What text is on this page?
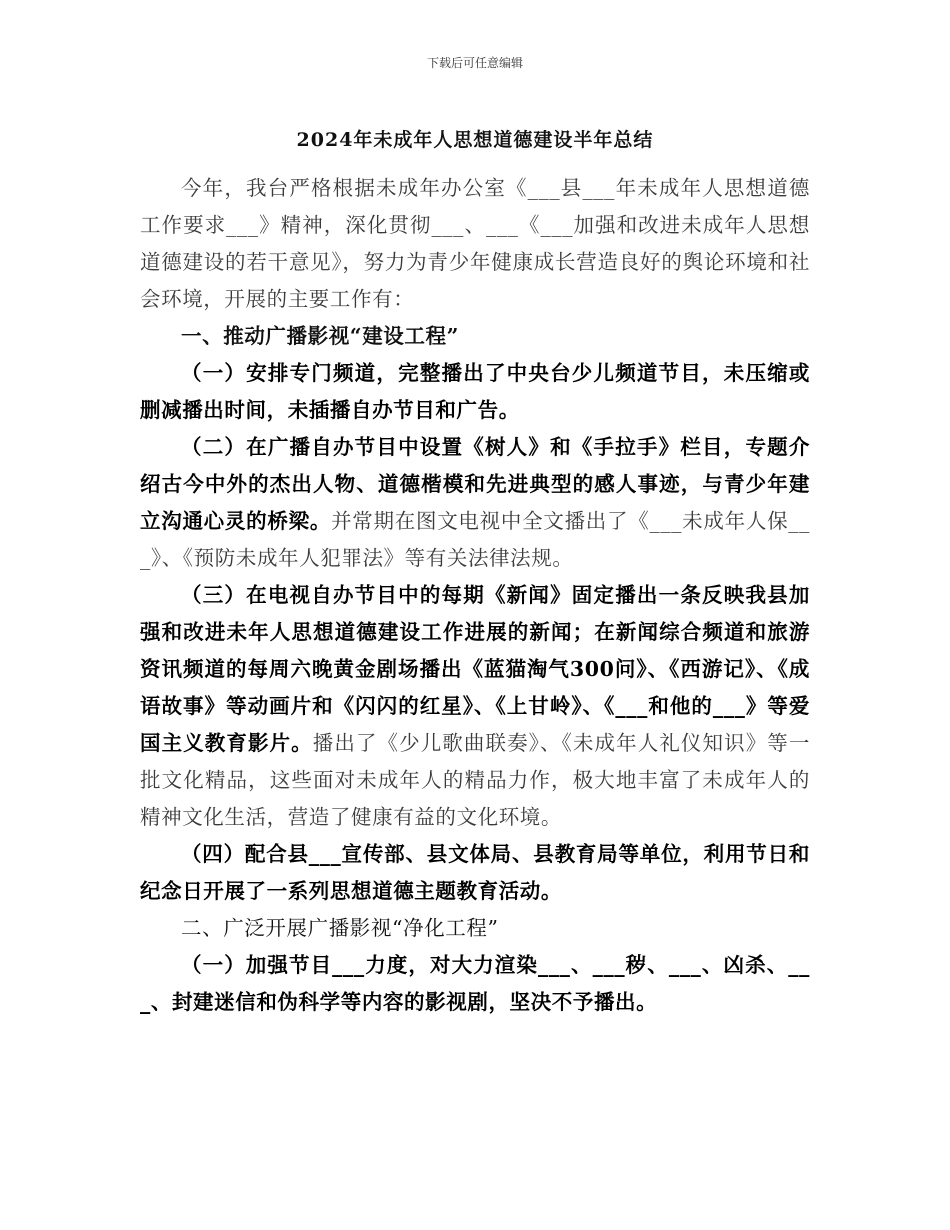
下载后可任意编辑
2024年未成年人思想道德建设半年总结

今年，我台严格根据未成年办公室《___县___年未成年人思想道德工作要求___》精神，深化贯彻___、___《___加强和改进未成年人思想道德建设的若干意见》，努力为青少年健康成长营造良好的舆论环境和社会环境，开展的主要工作有：

一、推动广播影视“建设工程”

（一）安排专门频道，完整播出了中央台少儿频道节目，未压缩或删减播出时间，未插播自办节目和广告。

（二）在广播自办节目中设置《树人》和《手拉手》栏目，专题介绍古今中外的杰出人物、道德楷模和先进典型的感人事迹，与青少年建立沟通心灵的桥梁。并常期在图文电视中全文播出了《___未成年人保___》、《预防未成年人犯罪法》等有关法律法规。

（三）在电视自办节目中的每期《新闻》固定播出一条反映我县加强和改进未年人思想道德建设工作进展的新闻；在新闻综合频道和旅游资讯频道的每周六晚黄金剧场播出《蓝猫淘气300问》、《西游记》、《成语故事》等动画片和《闪闪的红星》、《上甘岭》、《___和他的___》等爱国主义教育影片。播出了《少儿歌曲联奏》、《未成年人礼仪知识》等一批文化精品，这些面对未成年人的精品力作，极大地丰富了未成年人的精神文化生活，营造了健康有益的文化环境。

（四）配合县___宣传部、县文体局、县教育局等单位，利用节日和纪念日开展了一系列思想道德主题教育活动。

二、广泛开展广播影视“净化工程”

（一）加强节目___力度，对大力渲染___、___秽、___、凶杀、___、封建迷信和伪科学等内容的影视剧，坚决不予播出。
